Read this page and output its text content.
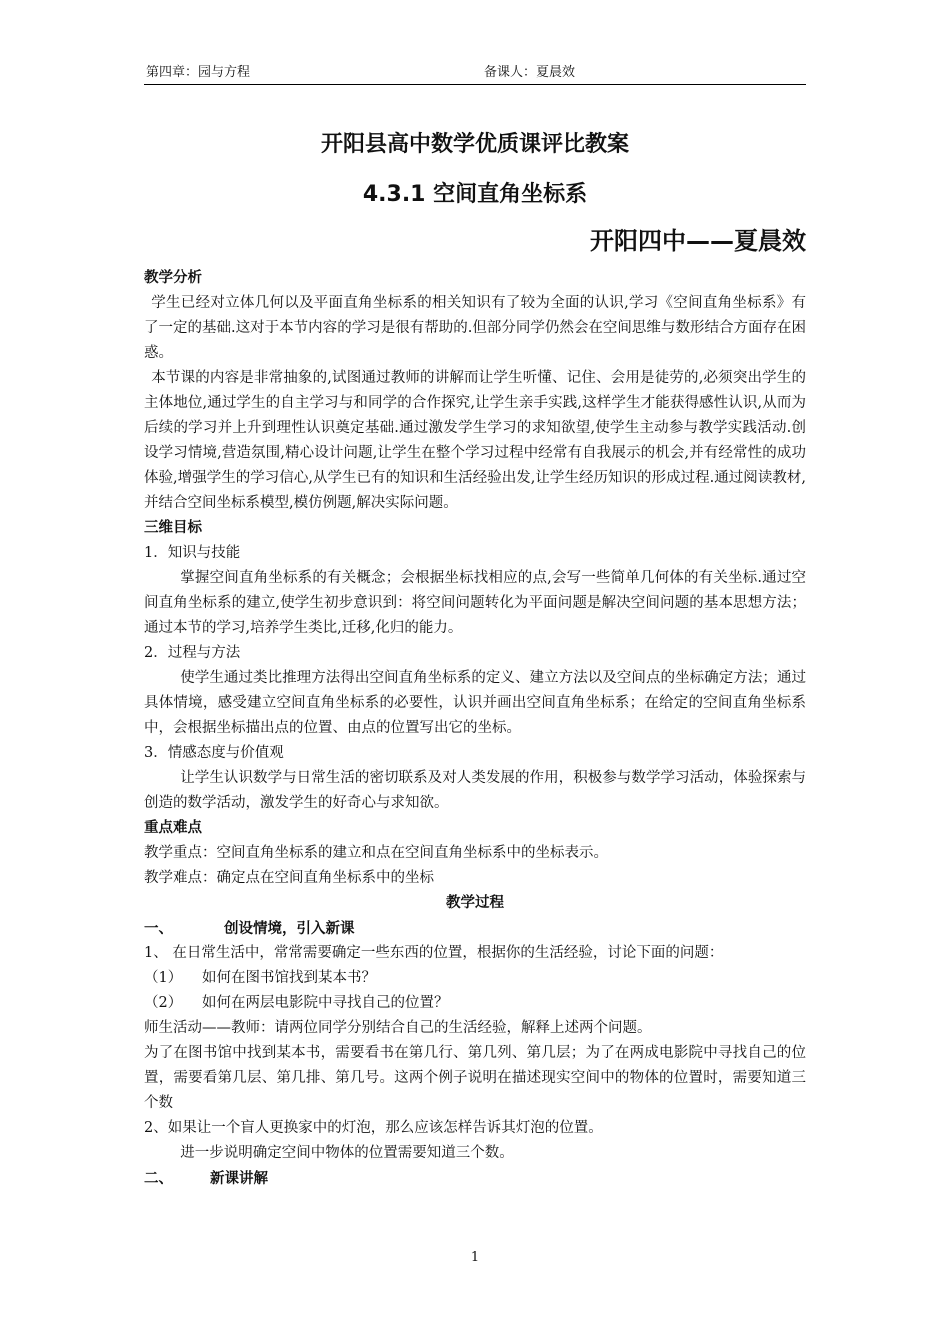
第四章：园与方程	备课人：夏晨效

开阳县高中数学优质课评比教案

4.3.1 空间直角坐标系

开阳四中——夏晨效

教学分析

学生已经对立体几何以及平面直角坐标系的相关知识有了较为全面的认识,学习《空间直角坐标系》有了一定的基础.这对于本节内容的学习是很有帮助的.但部分同学仍然会在空间思维与数形结合方面存在困惑。

本节课的内容是非常抽象的,试图通过教师的讲解而让学生听懂、记住、会用是徒劳的,必须突出学生的主体地位,通过学生的自主学习与和同学的合作探究,让学生亲手实践,这样学生才能获得感性认识,从而为后续的学习并上升到理性认识奠定基础.通过激发学生学习的求知欲望,使学生主动参与教学实践活动.创设学习情境,营造氛围,精心设计问题,让学生在整个学习过程中经常有自我展示的机会,并有经常性的成功体验,增强学生的学习信心,从学生已有的知识和生活经验出发,让学生经历知识的形成过程.通过阅读教材,并结合空间坐标系模型,模仿例题,解决实际问题。

三维目标

1．知识与技能

掌握空间直角坐标系的有关概念；会根据坐标找相应的点,会写一些简单几何体的有关坐标.通过空间直角坐标系的建立,使学生初步意识到：将空间问题转化为平面问题是解决空间问题的基本思想方法；通过本节的学习,培养学生类比,迁移,化归的能力。

2．过程与方法

使学生通过类比推理方法得出空间直角坐标系的定义、建立方法以及空间点的坐标确定方法；通过具体情境，感受建立空间直角坐标系的必要性，认识并画出空间直角坐标系；在给定的空间直角坐标系中，会根据坐标描出点的位置、由点的位置写出它的坐标。

3．情感态度与价值观

让学生认识数学与日常生活的密切联系及对人类发展的作用，积极参与数学学习活动，体验探索与创造的数学活动，激发学生的好奇心与求知欲。

重点难点

教学重点：空间直角坐标系的建立和点在空间直角坐标系中的坐标表示。

教学难点：确定点在空间直角坐标系中的坐标

教学过程

一、	创设情境，引入新课

1、 在日常生活中，常常需要确定一些东西的位置，根据你的生活经验，讨论下面的问题：

（1） 如何在图书馆找到某本书？

（2） 如何在两层电影院中寻找自己的位置？

师生活动——教师：请两位同学分别结合自己的生活经验，解释上述两个问题。

为了在图书馆中找到某本书，需要看书在第几行、第几列、第几层；为了在两成电影院中寻找自己的位置，需要看第几层、第几排、第几号。这两个例子说明在描述现实空间中的物体的位置时，需要知道三个数

2、如果让一个盲人更换家中的灯泡，那么应该怎样告诉其灯泡的位置。

进一步说明确定空间中物体的位置需要知道三个数。

二、	新课讲解

1
